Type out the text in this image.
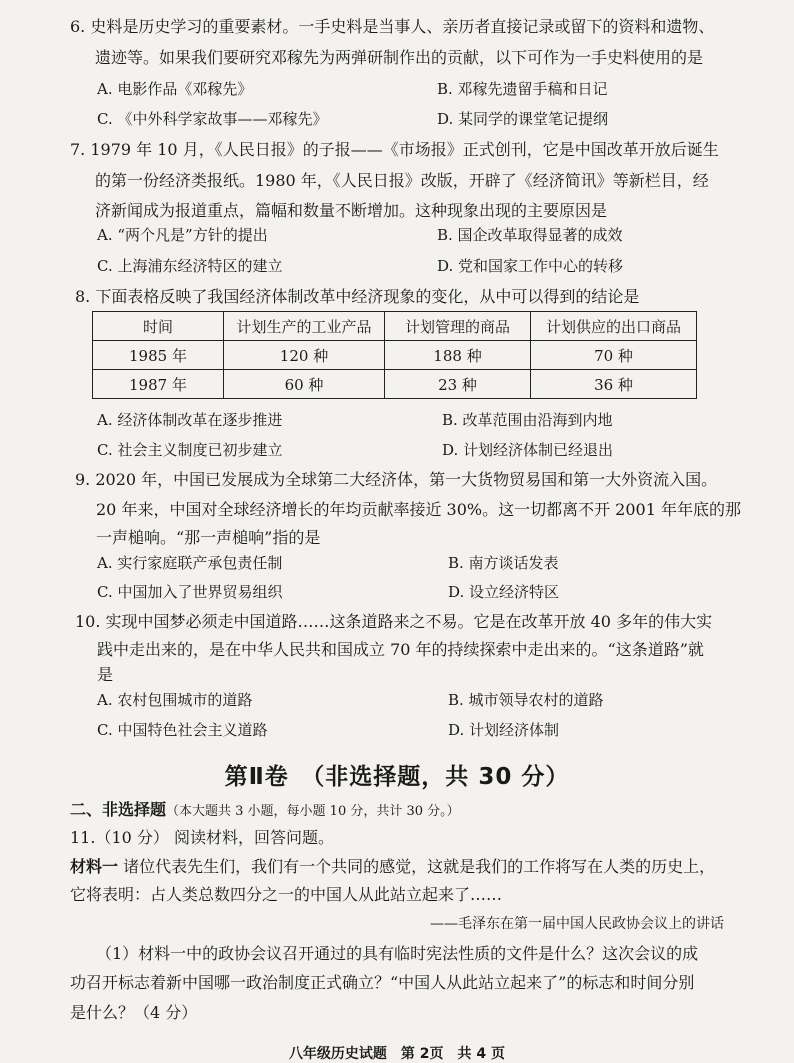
6. 史料是历史学习的重要素材。一手史料是当事人、亲历者直接记录或留下的资料和遗物、
遗迹等。如果我们要研究邓稼先为两弹研制作出的贡献，以下可作为一手史料使用的是
A. 电影作品《邓稼先》	B. 邓稼先遗留手稿和日记
C. 《中外科学家故事——邓稼先》	D. 某同学的课堂笔记提纲
7. 1979 年 10 月，《人民日报》的子报——《市场报》正式创刊，它是中国改革开放后诞生
的第一份经济类报纸。1980 年，《人民日报》改版，开辟了《经济简讯》等新栏目，经
济新闻成为报道重点，篇幅和数量不断增加。这种现象出现的主要原因是
A. “两个凡是”方针的提出	B. 国企改革取得显著的成效
C. 上海浦东经济特区的建立	D. 党和国家工作中心的转移
8. 下面表格反映了我国经济体制改革中经济现象的变化，从中可以得到的结论是
时间	计划生产的工业产品	计划管理的商品	计划供应的出口商品
1985 年	120 种	188 种	70 种
1987 年	60 种	23 种	36 种
A. 经济体制改革在逐步推进	B. 改革范围由沿海到内地
C. 社会主义制度已初步建立	D. 计划经济体制已经退出
9. 2020 年，中国已发展成为全球第二大经济体，第一大货物贸易国和第一大外资流入国。
20 年来，中国对全球经济增长的年均贡献率接近 30%。这一切都离不开 2001 年年底的那
一声槌响。“那一声槌响”指的是
A. 实行家庭联产承包责任制	B. 南方谈话发表
C. 中国加入了世界贸易组织	D. 设立经济特区
10. 实现中国梦必须走中国道路……这条道路来之不易。它是在改革开放 40 多年的伟大实
践中走出来的，是在中华人民共和国成立 70 年的持续探索中走出来的。“这条道路”就
是
A. 农村包围城市的道路	B. 城市领导农村的道路
C. 中国特色社会主义道路	D. 计划经济体制
第Ⅱ卷　（非选择题，共 30 分）
二、非选择题（本大题共 3 小题，每小题 10 分，共计 30 分。）
11.（10 分） 阅读材料，回答问题。
材料一 诸位代表先生们，我们有一个共同的感觉，这就是我们的工作将写在人类的历史上，
它将表明：占人类总数四分之一的中国人从此站立起来了……
——毛泽东在第一届中国人民政协会议上的讲话
（1）材料一中的政协会议召开通过的具有临时宪法性质的文件是什么？这次会议的成
功召开标志着新中国哪一政治制度正式确立？“中国人从此站立起来了”的标志和时间分别
是什么？（4 分）
八年级历史试题　第 2页　共 4 页
